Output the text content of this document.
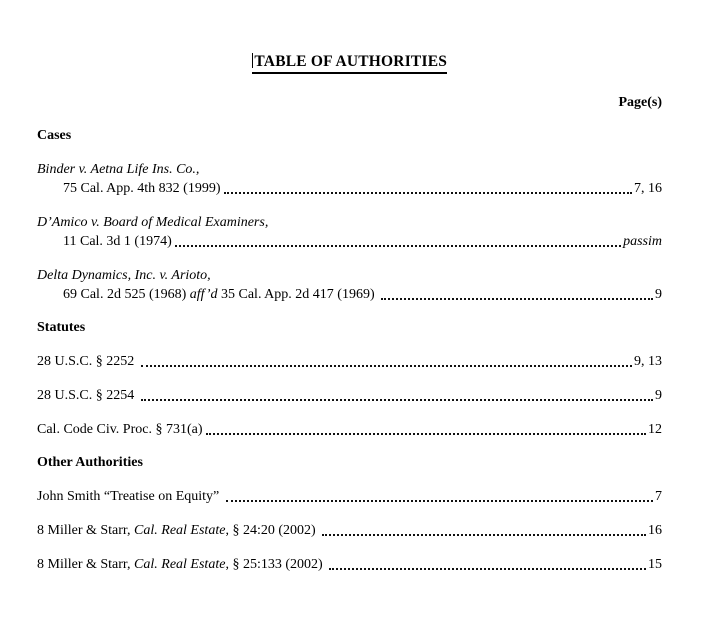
TABLE OF AUTHORITIES
Page(s)
Cases
Binder v. Aetna Life Ins. Co.,
75 Cal. App. 4th 832 (1999)	7, 16
D’Amico v. Board of Medical Examiners,
11 Cal. 3d 1 (1974)	passim
Delta Dynamics, Inc. v. Arioto,
69 Cal. 2d 525 (1968) aff’d 35 Cal. App. 2d 417 (1969)	9
Statutes
28 U.S.C. § 2252	9, 13
28 U.S.C. § 2254	9
Cal. Code Civ. Proc. § 731(a)	12
Other Authorities
John Smith “Treatise on Equity”	7
8 Miller & Starr, Cal. Real Estate , § 24:20 (2002)	16
8 Miller & Starr, Cal. Real Estate , § 25:133 (2002)	15
